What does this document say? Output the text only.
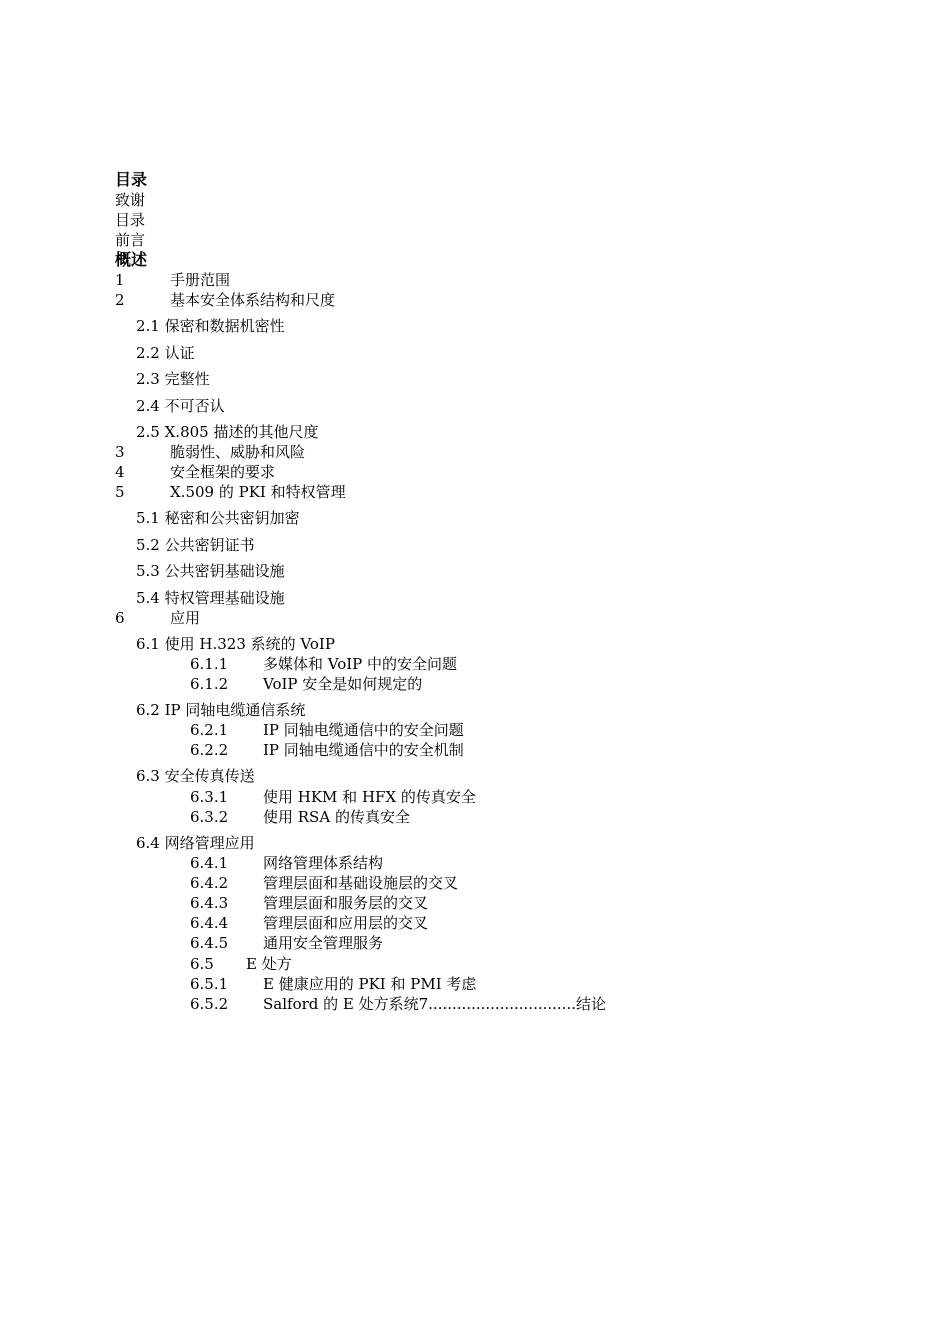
目录
致谢
目录
前言
概述
1	手册范围
2	基本安全体系结构和尺度
2.1 保密和数据机密性
2.2 认证
2.3 完整性
2.4 不可否认
2.5 X.805 描述的其他尺度
3	脆弱性、威胁和风险
4	安全框架的要求
5	X.509 的 PKI 和特权管理
5.1 秘密和公共密钥加密
5.2 公共密钥证书
5.3 公共密钥基础设施
5.4 特权管理基础设施
6	应用
6.1 使用 H.323 系统的 VoIP
6.1.1 多媒体和 VoIP 中的安全问题
6.1.2 VoIP 安全是如何规定的
6.2 IP 同轴电缆通信系统
6.2.1 IP 同轴电缆通信中的安全问题
6.2.2 IP 同轴电缆通信中的安全机制
6.3 安全传真传送
6.3.1 使用 HKM 和 HFX 的传真安全
6.3.2 使用 RSA 的传真安全
6.4 网络管理应用
6.4.1 网络管理体系结构
6.4.2 管理层面和基础设施层的交叉
6.4.3 管理层面和服务层的交叉
6.4.4 管理层面和应用层的交叉
6.4.5 通用安全管理服务
6.5 E 处方
6.5.1 E 健康应用的 PKI 和 PMI 考虑
6.5.2 Salford 的 E 处方系统7...............................结论
